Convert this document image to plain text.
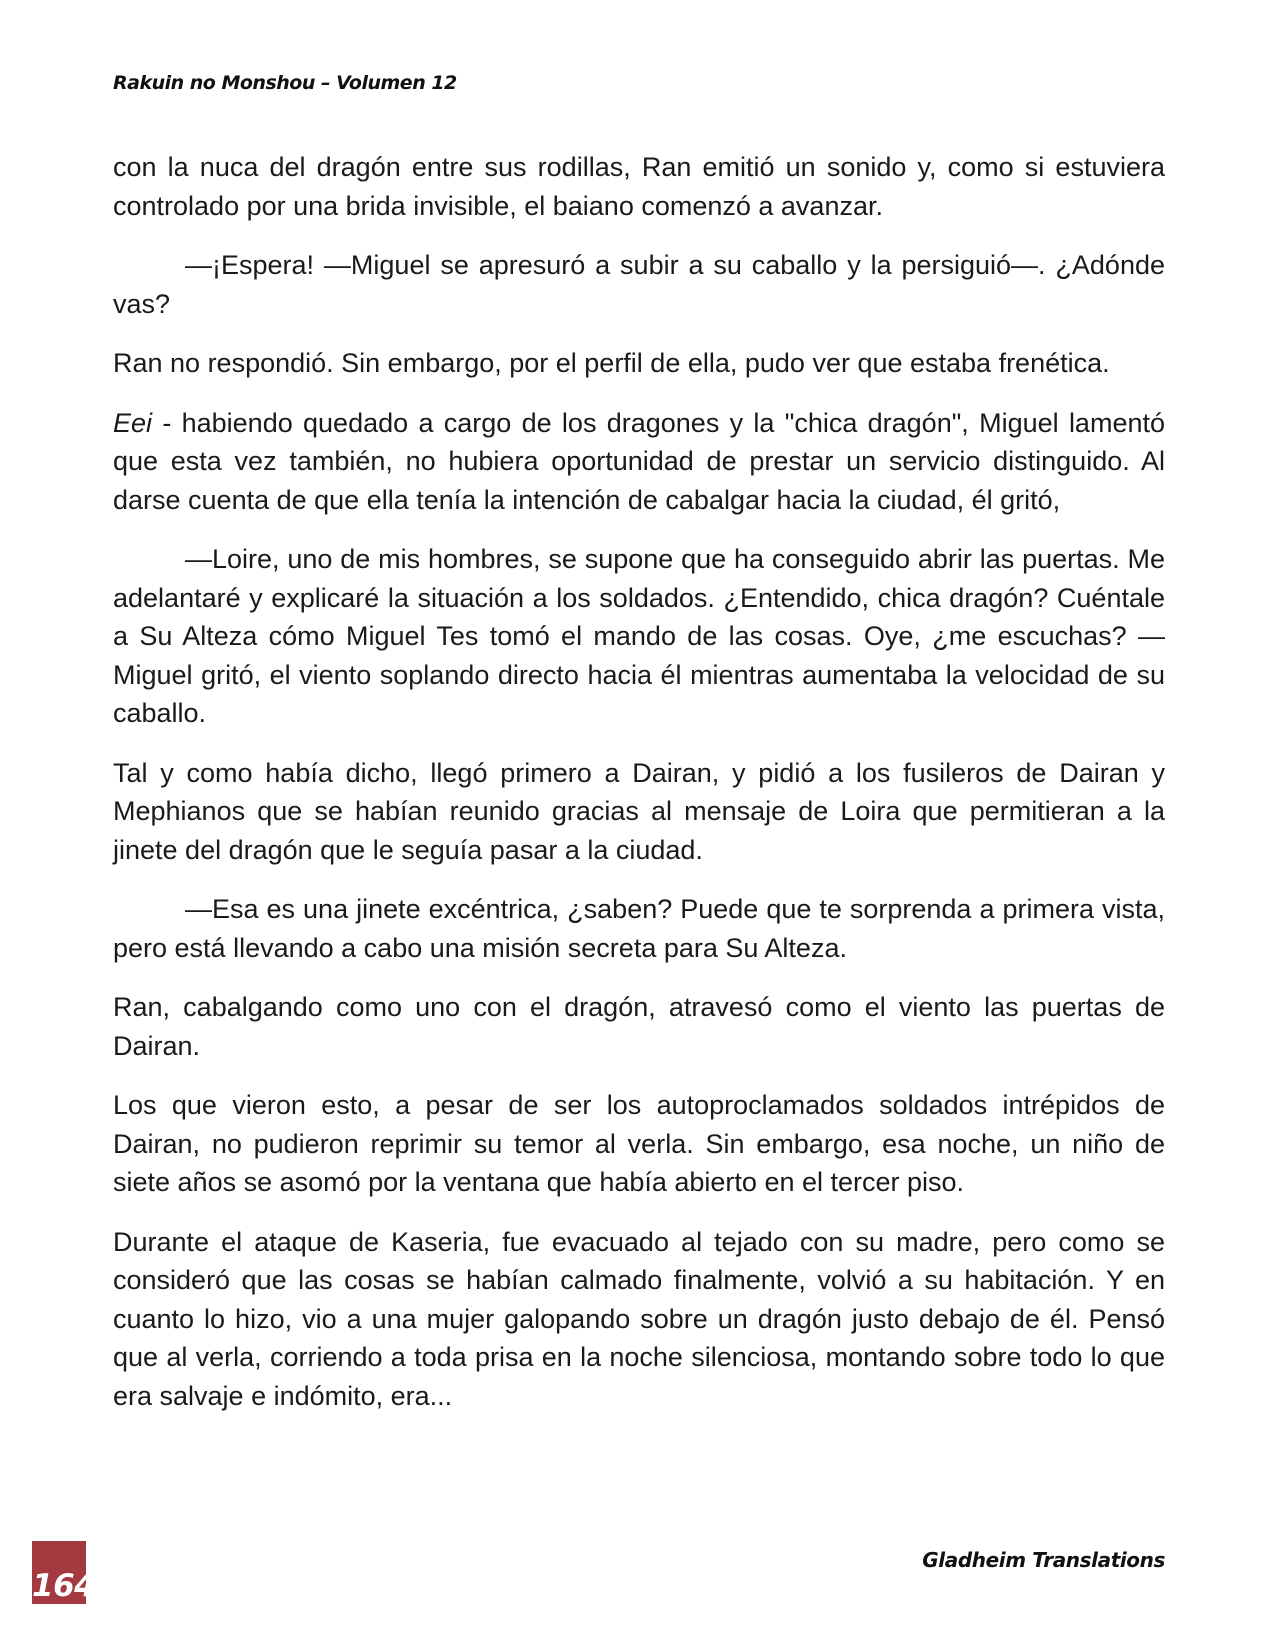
Rakuin no Monshou – Volumen 12

con la nuca del dragón entre sus rodillas, Ran emitió un sonido y, como si estuviera controlado por una brida invisible, el baiano comenzó a avanzar.

—¡Espera! —Miguel se apresuró a subir a su caballo y la persiguió—. ¿Adónde vas?

Ran no respondió. Sin embargo, por el perfil de ella, pudo ver que estaba frenética.

Eei - habiendo quedado a cargo de los dragones y la "chica dragón", Miguel lamentó que esta vez también, no hubiera oportunidad de prestar un servicio distinguido. Al darse cuenta de que ella tenía la intención de cabalgar hacia la ciudad, él gritó,

—Loire, uno de mis hombres, se supone que ha conseguido abrir las puertas. Me adelantaré y explicaré la situación a los soldados. ¿Entendido, chica dragón? Cuéntale a Su Alteza cómo Miguel Tes tomó el mando de las cosas. Oye, ¿me escuchas? —Miguel gritó, el viento soplando directo hacia él mientras aumentaba la velocidad de su caballo.

Tal y como había dicho, llegó primero a Dairan, y pidió a los fusileros de Dairan y Mephianos que se habían reunido gracias al mensaje de Loira que permitieran a la jinete del dragón que le seguía pasar a la ciudad.

—Esa es una jinete excéntrica, ¿saben? Puede que te sorprenda a primera vista, pero está llevando a cabo una misión secreta para Su Alteza.

Ran, cabalgando como uno con el dragón, atravesó como el viento las puertas de Dairan.

Los que vieron esto, a pesar de ser los autoproclamados soldados intrépidos de Dairan, no pudieron reprimir su temor al verla. Sin embargo, esa noche, un niño de siete años se asomó por la ventana que había abierto en el tercer piso.

Durante el ataque de Kaseria, fue evacuado al tejado con su madre, pero como se consideró que las cosas se habían calmado finalmente, volvió a su habitación. Y en cuanto lo hizo, vio a una mujer galopando sobre un dragón justo debajo de él. Pensó que al verla, corriendo a toda prisa en la noche silenciosa, montando sobre todo lo que era salvaje e indómito, era...

164
Gladheim Translations
